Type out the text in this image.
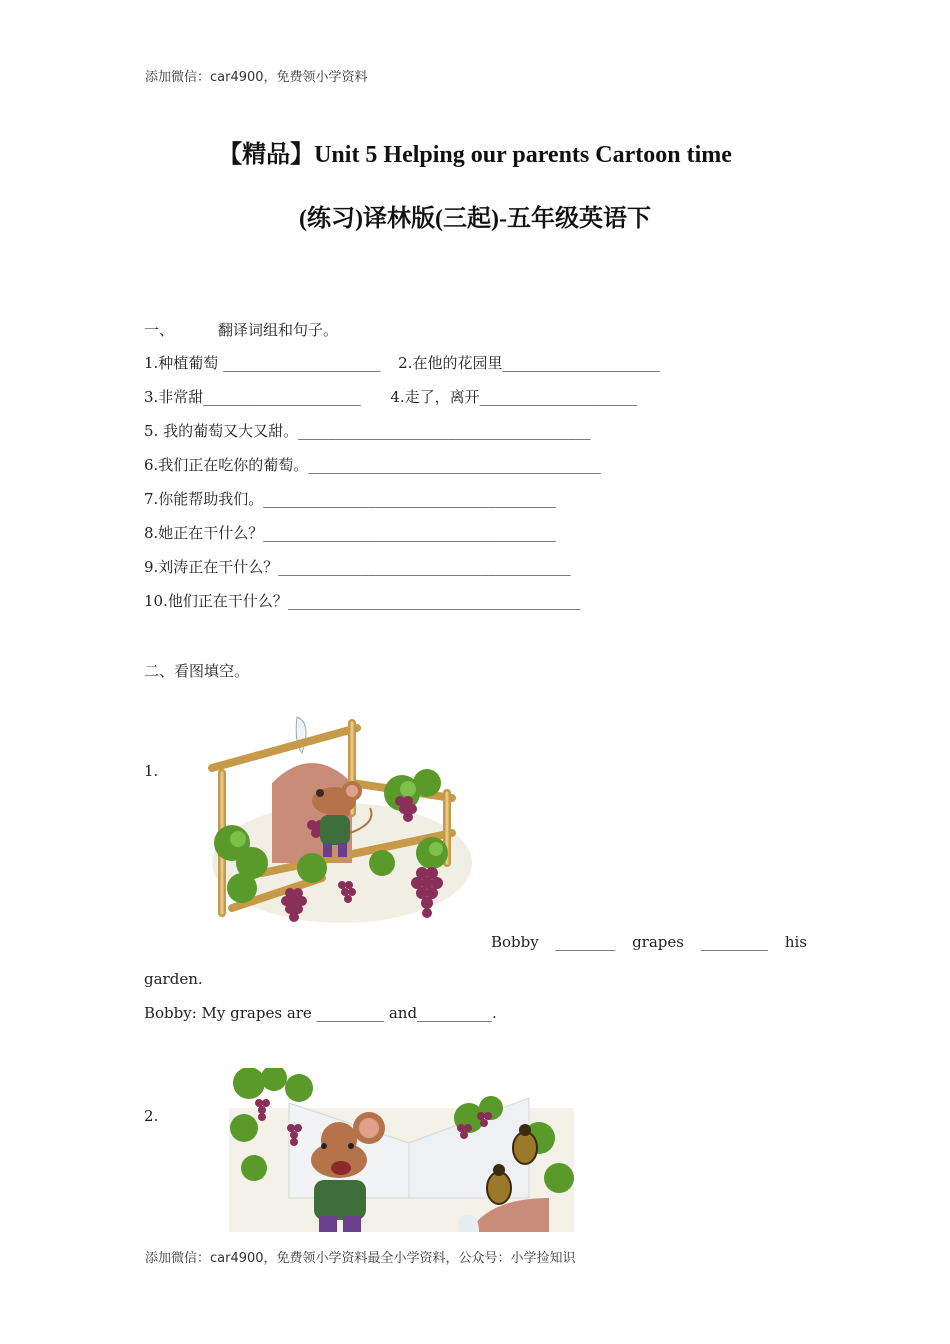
添加微信：car4900，免费领小学资料
【精品】Unit 5 Helping our parents Cartoon time
(练习)译林版(三起)-五年级英语下
一、	翻译词组和句子。
1.种植葡萄 _____________________ 2.在他的花园里_____________________
3.非常甜_____________________ 4.走了，离开_____________________
5. 我的葡萄又大又甜。_______________________________________
6.我们正在吃你的葡萄。_______________________________________
7.你能帮助我们。_______________________________________
8.她正在干什么？_______________________________________
9.刘涛正在干什么？_______________________________________
10.他们正在干什么？_______________________________________
二、看图填空。
1.
Bobby ________ grapes _________ his
garden.
Bobby: My grapes are _________ and__________.
2.
添加微信：car4900，免费领小学资料最全小学资料，公众号：小学捡知识
